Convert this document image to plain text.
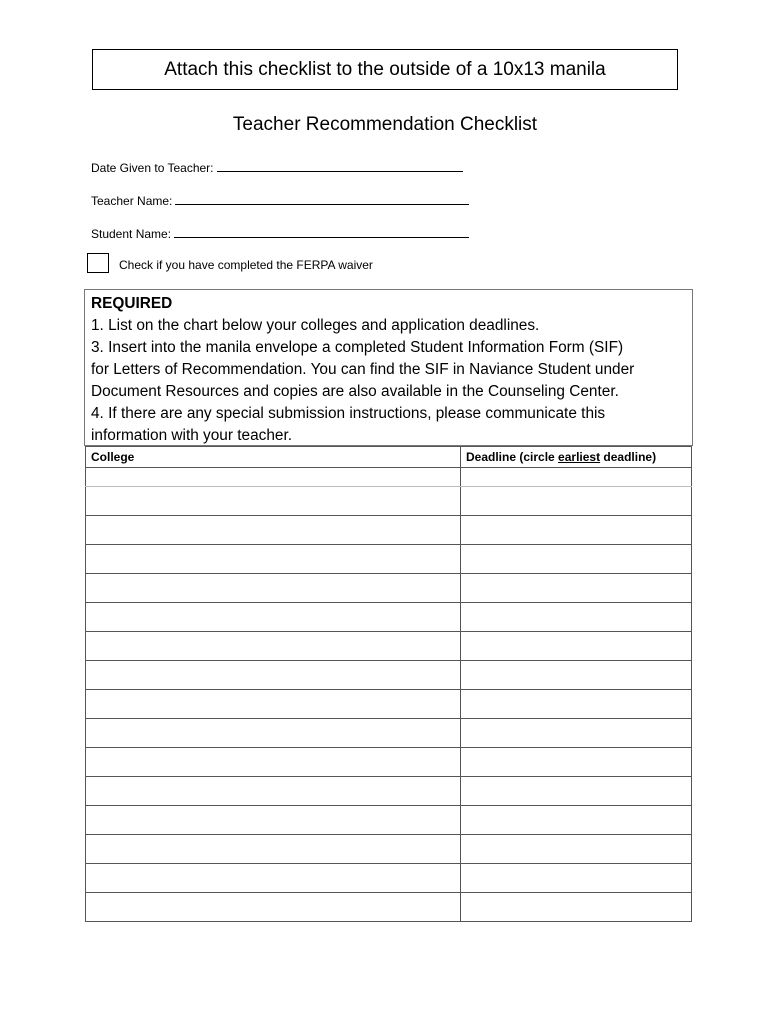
Attach this checklist to the outside of a 10x13 manila
Teacher Recommendation Checklist
Date Given to Teacher:
Teacher Name:
Student Name:
Check if you have completed the FERPA waiver
REQUIRED
1. List on the chart below your colleges and application deadlines.
3. Insert into the manila envelope a completed Student Information Form (SIF)
for Letters of Recommendation. You can find the SIF in Naviance Student under
Document Resources and copies are also available in the Counseling Center.
4. If there are any special submission instructions, please communicate this
information with your teacher.
College	Deadline (circle earliest deadline)
